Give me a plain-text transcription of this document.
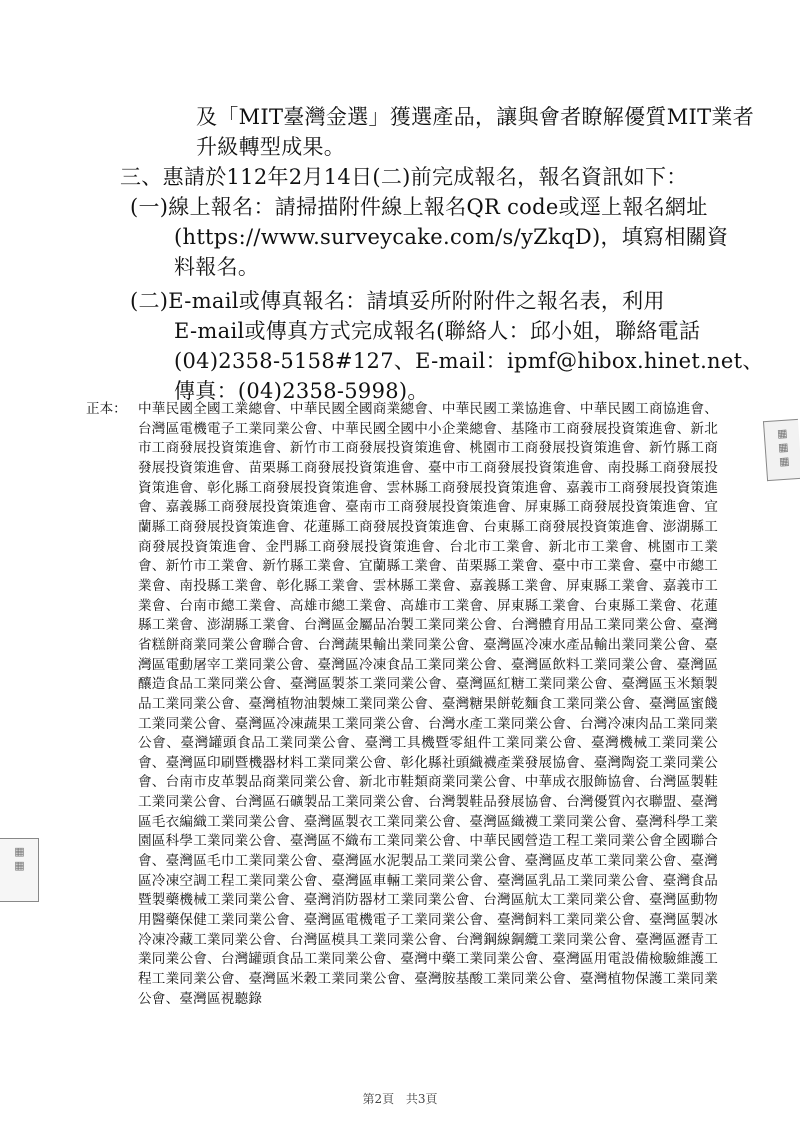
及「MIT臺灣金選」獲選產品，讓與會者瞭解優質MIT業者
升級轉型成果。
三、惠請於112年2月14日(二)前完成報名，報名資訊如下：
(一)線上報名：請掃描附件線上報名QR code或逕上報名網址
(https://www.surveycake.com/s/yZkqD)，填寫相關資
料報名。
(二)E-mail或傳真報名：請填妥所附附件之報名表，利用
E-mail或傳真方式完成報名(聯絡人：邱小姐，聯絡電話
(04)2358-5158#127、E-mail：ipmf@hibox.hinet.net、
傳真：(04)2358-5998)。
正本： 中華民國全國工業總會、中華民國全國商業總會、中華民國工業協進會、中華民國工商協進會、台灣區電機電子工業同業公會、中華民國全國中小企業總會、基隆市工商發展投資策進會、新北市工商發展投資策進會、新竹市工商發展投資策進會、桃園市工商發展投資策進會、新竹縣工商發展投資策進會、苗栗縣工商發展投資策進會、臺中市工商發展投資策進會、南投縣工商發展投資策進會、彰化縣工商發展投資策進會、雲林縣工商發展投資策進會、嘉義市工商發展投資策進會、嘉義縣工商發展投資策進會、臺南市工商發展投資策進會、屏東縣工商發展投資策進會、宜蘭縣工商發展投資策進會、花蓮縣工商發展投資策進會、台東縣工商發展投資策進會、澎湖縣工商發展投資策進會、金門縣工商發展投資策進會、台北市工業會、新北市工業會、桃園市工業會、新竹市工業會、新竹縣工業會、宜蘭縣工業會、苗栗縣工業會、臺中市工業會、臺中市總工業會、南投縣工業會、彰化縣工業會、雲林縣工業會、嘉義縣工業會、屏東縣工業會、嘉義市工業會、台南市總工業會、高雄市總工業會、高雄市工業會、屏東縣工業會、台東縣工業會、花蓮縣工業會、澎湖縣工業會、台灣區金屬品冶製工業同業公會、台灣體育用品工業同業公會、臺灣省糕餅商業同業公會聯合會、台灣蔬果輸出業同業公會、臺灣區冷凍水產品輸出業同業公會、臺灣區電動屠宰工業同業公會、臺灣區冷凍食品工業同業公會、臺灣區飲料工業同業公會、臺灣區釀造食品工業同業公會、臺灣區製茶工業同業公會、臺灣區紅糖工業同業公會、臺灣區玉米類製品工業同業公會、臺灣植物油製煉工業同業公會、臺灣糖果餅乾麵食工業同業公會、臺灣區蜜餞工業同業公會、臺灣區冷凍蔬果工業同業公會、台灣水產工業同業公會、台灣冷凍肉品工業同業公會、臺灣罐頭食品工業同業公會、臺灣工具機暨零組件工業同業公會、臺灣機械工業同業公會、臺灣區印刷暨機器材料工業同業公會、彰化縣社頭織襪產業發展協會、臺灣陶瓷工業同業公會、台南市皮革製品商業同業公會、新北市鞋類商業同業公會、中華成衣服飾協會、台灣區製鞋工業同業公會、台灣區石礦製品工業同業公會、台灣製鞋品發展協會、台灣優質內衣聯盟、臺灣區毛衣編織工業同業公會、臺灣區製衣工業同業公會、臺灣區織襪工業同業公會、臺灣科學工業園區科學工業同業公會、臺灣區不織布工業同業公會、中華民國營造工程工業同業公會全國聯合會、臺灣區毛巾工業同業公會、臺灣區水泥製品工業同業公會、臺灣區皮革工業同業公會、臺灣區冷凍空調工程工業同業公會、臺灣區車輛工業同業公會、臺灣區乳品工業同業公會、臺灣食品暨製藥機械工業同業公會、臺灣消防器材工業同業公會、台灣區航太工業同業公會、臺灣區動物用醫藥保健工業同業公會、臺灣區電機電子工業同業公會、臺灣飼料工業同業公會、臺灣區製冰冷凍冷藏工業同業公會、台灣區模具工業同業公會、台灣鋼線鋼纜工業同業公會、臺灣區瀝青工業同業公會、台灣罐頭食品工業同業公會、臺灣中藥工業同業公會、臺灣區用電設備檢驗維護工程工業同業公會、臺灣區米穀工業同業公會、臺灣胺基酸工業同業公會、臺灣植物保護工業同業公會、臺灣區視聽錄
▦▦▦
▦▦
第2頁 共3頁
